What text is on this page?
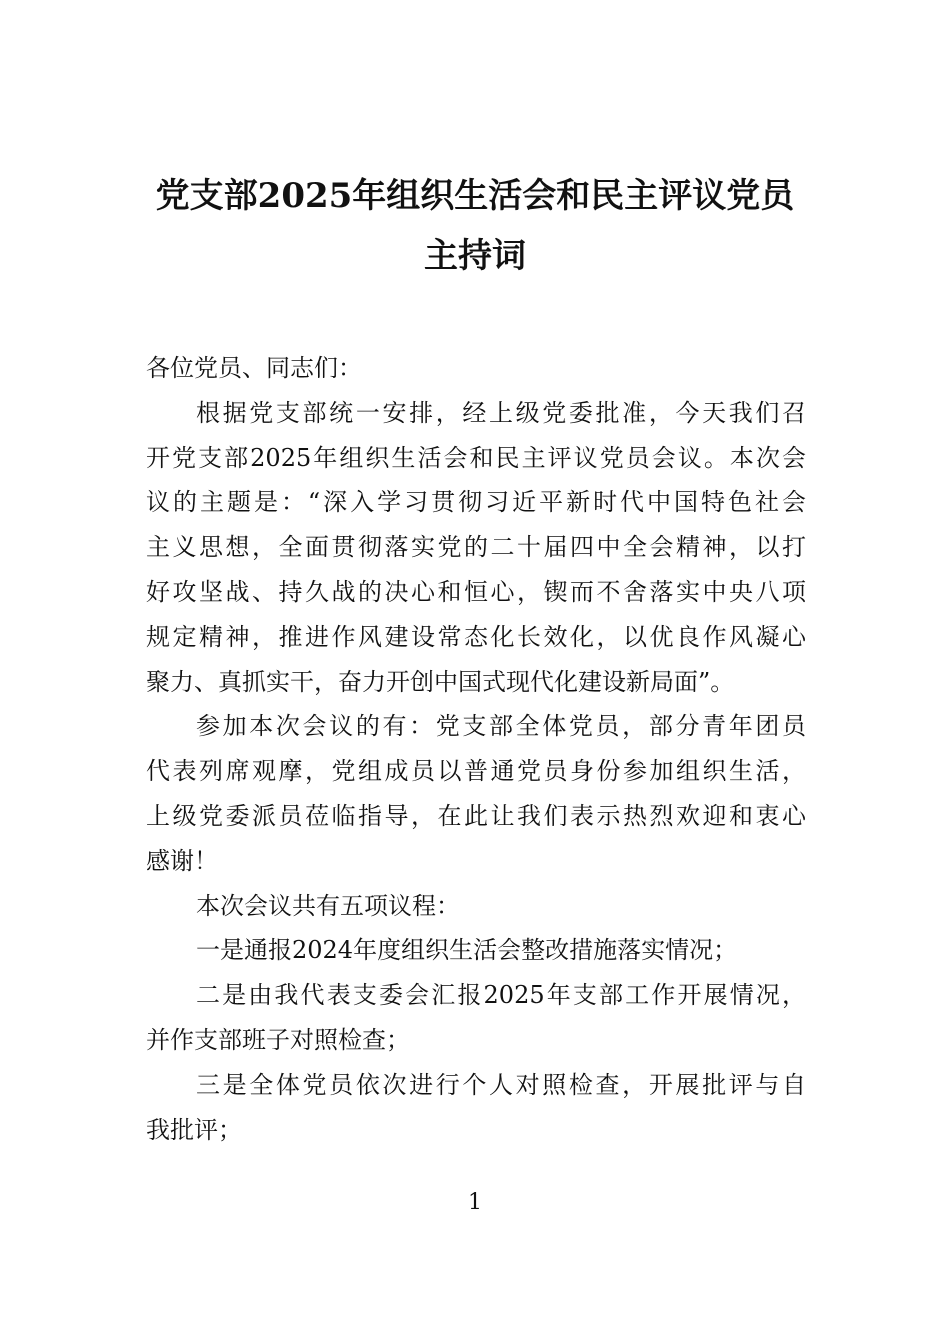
党支部2025年组织生活会和民主评议党员
主持词
各位党员、同志们：
根据党支部统一安排，经上级党委批准，今天我们召
开党支部2025年组织生活会和民主评议党员会议。本次会
议的主题是：“深入学习贯彻习近平新时代中国特色社会
主义思想，全面贯彻落实党的二十届四中全会精神，以打
好攻坚战、持久战的决心和恒心，锲而不舍落实中央八项
规定精神，推进作风建设常态化长效化，以优良作风凝心
聚力、真抓实干，奋力开创中国式现代化建设新局面”。
参加本次会议的有：党支部全体党员，部分青年团员
代表列席观摩，党组成员以普通党员身份参加组织生活，
上级党委派员莅临指导，在此让我们表示热烈欢迎和衷心
感谢！
本次会议共有五项议程：
一是通报2024年度组织生活会整改措施落实情况；
二是由我代表支委会汇报2025年支部工作开展情况，
并作支部班子对照检查；
三是全体党员依次进行个人对照检查，开展批评与自
我批评；
1
